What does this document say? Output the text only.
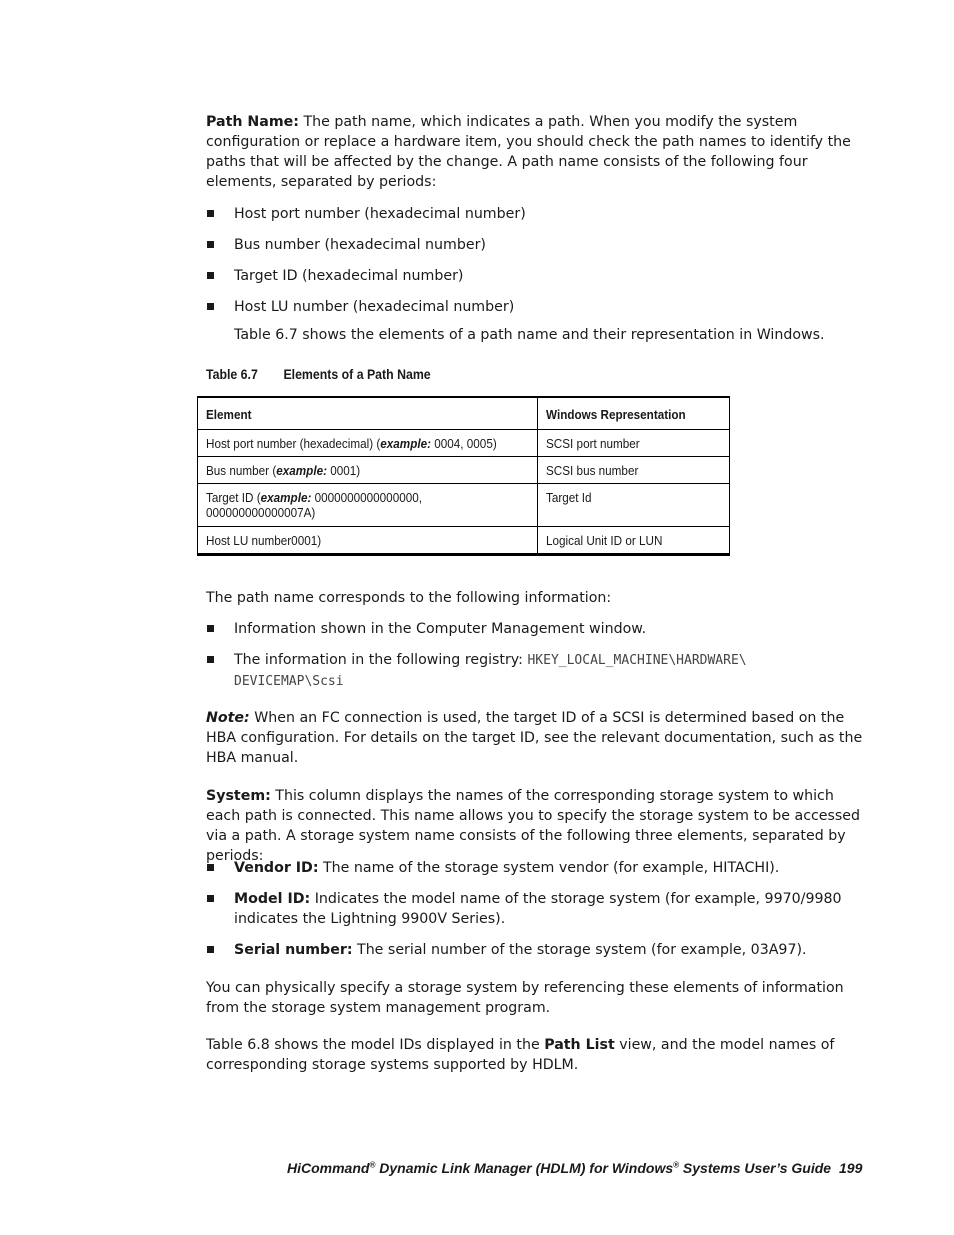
Path Name: The path name, which indicates a path. When you modify the system configuration or replace a hardware item, you should check the path names to identify the paths that will be affected by the change. A path name consists of the following four elements, separated by periods:

Host port number (hexadecimal number)
Bus number (hexadecimal number)
Target ID (hexadecimal number)
Host LU number (hexadecimal number)

Table 6.7 shows the elements of a path name and their representation in Windows.

Table 6.7 Elements of a Path Name
Element	Windows Representation
Host port number (hexadecimal) (example: 0004, 0005)	SCSI port number
Bus number (example: 0001)	SCSI bus number
Target ID (example: 0000000000000000,
000000000000007A)	Target Id
Host LU number0001)	Logical Unit ID or LUN

The path name corresponds to the following information:

Information shown in the Computer Management window.
The information in the following registry: HKEY_LOCAL_MACHINE\HARDWARE\
DEVICEMAP\Scsi

Note: When an FC connection is used, the target ID of a SCSI is determined based on the HBA configuration. For details on the target ID, see the relevant documentation, such as the HBA manual.

System: This column displays the names of the corresponding storage system to which each path is connected. This name allows you to specify the storage system to be accessed via a path. A storage system name consists of the following three elements, separated by periods:

Vendor ID: The name of the storage system vendor (for example, HITACHI).
Model ID: Indicates the model name of the storage system (for example, 9970/9980 indicates the Lightning 9900V Series).
Serial number: The serial number of the storage system (for example, 03A97).

You can physically specify a storage system by referencing these elements of information from the storage system management program.

Table 6.8 shows the model IDs displayed in the Path List view, and the model names of corresponding storage systems supported by HDLM.

HiCommand® Dynamic Link Manager (HDLM) for Windows® Systems User’s Guide 199
